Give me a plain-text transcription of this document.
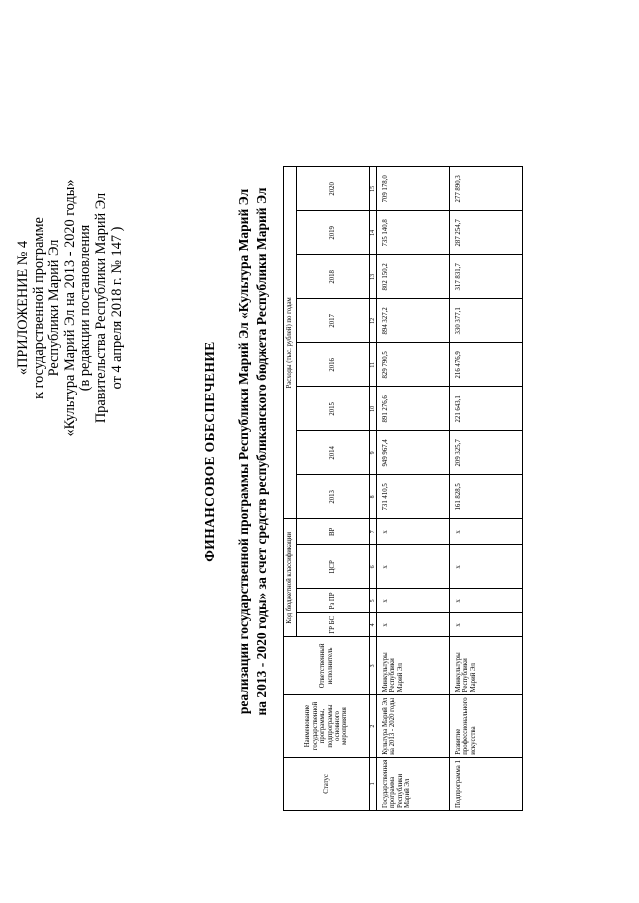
«ПРИЛОЖЕНИЕ № 4 к государственной программе Республики Марий Эл «Культура Марий Эл на 2013 - 2020 годы» (в редакции постановления Правительства Республики Марий Эл от 4 апреля 2018 г. № 147 )
ФИНАНСОВОЕ ОБЕСПЕЧЕНИЕ реализации государственной программы Республики Марий Эл «Культура Марий Эл на 2013 - 2020 годы» за счет средств республиканского бюджета Республики Марий Эл
Статус	Наименование государственной программы, подпрограммы основного мероприятия	Ответственный исполнитель	Код бюджетной классификации				Расходы (тыс. рублей) по годам							
			ГР БС	Рз ПР	ЦСР	ВР	2013	2014	2015	2016	2017	2018	2019	2020
1	2	3	4	5	6	7	8	9	10	11	12	13	14	15
Государственная программа Республики Марий Эл	Культура Марий Эл на 2013 - 2020 годы	Минкультуры Республики Марий Эл	х	х	х	х	731 410,5	949 967,4	891 276,6	829 790,5	894 327,2	802 150,2	735 140,8	709 178,0
Подпрограмма 1	Развитие профессионального искусства	Минкультуры Республики Марий Эл	х	х	х	х	161 828,5	209 325,7	221 643,1	216 476,9	330 377,1	317 831,7	287 254,7	277 890,3
